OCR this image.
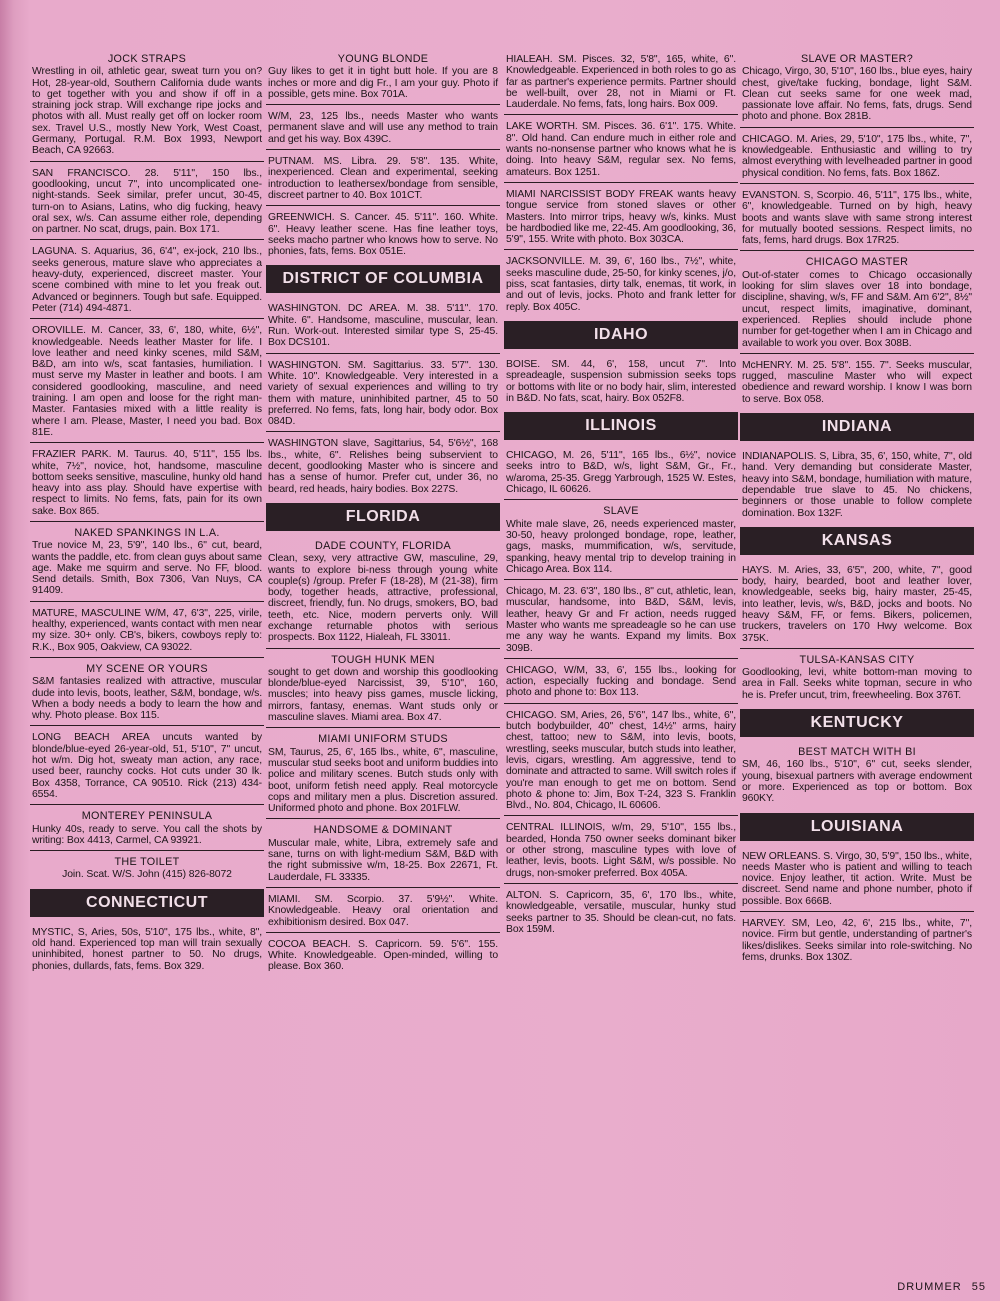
JOCK STRAPS
Wrestling in oil, athletic gear, sweat turn you on? Hot, 28-year-old, Southern California dude wants to get together with you and show if off in a straining jock strap. Will exchange ripe jocks and photos with all. Must really get off on locker room sex. Travel U.S., mostly New York, West Coast, Germany, Portugal. R.M. Box 1993, Newport Beach, CA 92663.
SAN FRANCISCO. 28. 5'11", 150 lbs., goodlooking, uncut 7", into uncomplicated one-night-stands. Seek similar, prefer uncut, 30-45, turn-on to Asians, Latins, who dig fucking, heavy oral sex, w/s. Can assume either role, depending on partner. No scat, drugs, pain. Box 171.
LAGUNA. S. Aquarius, 36, 6'4", ex-jock, 210 lbs., seeks generous, mature slave who appreciates a heavy-duty, experienced, discreet master. Your scene combined with mine to let you freak out. Advanced or beginners. Tough but safe. Equipped. Peter (714) 494-4871.
OROVILLE. M. Cancer, 33, 6', 180, white, 6½", knowledgeable. Needs leather Master for life. I love leather and need kinky scenes, mild S&M, B&D, am into w/s, scat fantasies, humiliation. I must serve my Master in leather and boots. I am considered goodlooking, masculine, and need training. I am open and loose for the right man-Master. Fantasies mixed with a little reality is where I am. Please, Master, I need you bad. Box 81E.
FRAZIER PARK. M. Taurus. 40, 5'11", 155 lbs. white, 7½", novice, hot, handsome, masculine bottom seeks sensitive, masculine, hunky old hand heavy into ass play. Should have expertise with respect to limits. No fems, fats, pain for its own sake. Box 865.
NAKED SPANKINGS IN L.A.
True novice M, 23, 5'9", 140 lbs., 6" cut, beard, wants the paddle, etc. from clean guys about same age. Make me squirm and serve. No FF, blood. Send details. Smith, Box 7306, Van Nuys, CA 91409.
MATURE, MASCULINE W/M, 47, 6'3", 225, virile, healthy, experienced, wants contact with men near my size. 30+ only. CB's, bikers, cowboys reply to: R.K., Box 905, Oakview, CA 93022.
MY SCENE OR YOURS
S&M fantasies realized with attractive, muscular dude into levis, boots, leather, S&M, bondage, w/s. When a body needs a body to learn the how and why. Photo please. Box 115.
LONG BEACH AREA uncuts wanted by blonde/blue-eyed 26-year-old, 51, 5'10", 7" uncut, hot w/m. Dig hot, sweaty man action, any race, used beer, raunchy cocks. Hot cuts under 30 lk. Box 4358, Torrance, CA 90510. Rick (213) 434-6554.
MONTEREY PENINSULA
Hunky 40s, ready to serve. You call the shots by writing: Box 4413, Carmel, CA 93921.
THE TOILET
Join. Scat. W/S. John (415) 826-8072
CONNECTICUT
MYSTIC, S, Aries, 50s, 5'10", 175 lbs., white, 8", old hand. Experienced top man will train sexually uninhibited, honest partner to 50. No drugs, phonies, dullards, fats, fems. Box 329.
YOUNG BLONDE
Guy likes to get it in tight butt hole. If you are 8 inches or more and dig Fr., I am your guy. Photo if possible, gets mine. Box 701A.
W/M, 23, 125 lbs., needs Master who wants permanent slave and will use any method to train and get his way. Box 439C.
PUTNAM. MS. Libra. 29. 5'8". 135. White, inexperienced. Clean and experimental, seeking introduction to leathersex/bondage from sensible, discreet partner to 40. Box 101CT.
GREENWICH. S. Cancer. 45. 5'11". 160. White. 6". Heavy leather scene. Has fine leather toys, seeks macho partner who knows how to serve. No phonies, fats, fems. Box 051E.
DISTRICT OF COLUMBIA
WASHINGTON. DC AREA. M. 38. 5'11". 170. White. 6". Handsome, masculine, muscular, lean. Run. Work-out. Interested similar type S, 25-45. Box DCS101.
WASHINGTON. SM. Sagittarius. 33. 5'7". 130. White. 10". Knowledgeable. Very interested in a variety of sexual experiences and willing to try them with mature, uninhibited partner, 45 to 50 preferred. No fems, fats, long hair, body odor. Box 084D.
WASHINGTON slave, Sagittarius, 54, 5'6½", 168 lbs., white, 6". Relishes being subservient to decent, goodlooking Master who is sincere and has a sense of humor. Prefer cut, under 36, no beard, red heads, hairy bodies. Box 227S.
FLORIDA
DADE COUNTY, FLORIDA
Clean, sexy, very attractive GW, masculine, 29, wants to explore bi-ness through young white couple(s) /group. Prefer F (18-28), M (21-38), firm body, together heads, attractive, professional, discreet, friendly, fun. No drugs, smokers, BO, bad teeth, etc. Nice, modern perverts only. Will exchange returnable photos with serious prospects. Box 1122, Hialeah, FL 33011.
TOUGH HUNK MEN
sought to get down and worship this goodlooking blonde/blue-eyed Narcissist, 39, 5'10", 160, muscles; into heavy piss games, muscle licking, mirrors, fantasy, enemas. Want studs only or masculine slaves. Miami area. Box 47.
MIAMI UNIFORM STUDS
SM, Taurus, 25, 6', 165 lbs., white, 6", masculine, muscular stud seeks boot and uniform buddies into police and military scenes. Butch studs only with boot, uniform fetish need apply. Real motorcycle cops and military men a plus. Discretion assured. Uniformed photo and phone. Box 201FLW.
HANDSOME & DOMINANT
Muscular male, white, Libra, extremely safe and sane, turns on with light-medium S&M, B&D with the right submissive w/m, 18-25. Box 22671, Ft. Lauderdale, FL 33335.
MIAMI. SM. Scorpio. 37. 5'9½". White. Knowledgeable. Heavy oral orientation and exhibitionism desired. Box 047.
COCOA BEACH. S. Capricorn. 59. 5'6". 155. White. Knowledgeable. Open-minded, willing to please. Box 360.
HIALEAH. SM. Pisces. 32, 5'8", 165, white, 6". Knowledgeable. Experienced in both roles to go as far as partner's experience permits. Partner should be well-built, over 28, not in Miami or Ft. Lauderdale. No fems, fats, long hairs. Box 009.
LAKE WORTH. SM. Pisces. 36. 6'1". 175. White. 8". Old hand. Can endure much in either role and wants no-nonsense partner who knows what he is doing. Into heavy S&M, regular sex. No fems, amateurs. Box 1251.
MIAMI NARCISSIST BODY FREAK wants heavy tongue service from stoned slaves or other Masters. Into mirror trips, heavy w/s, kinks. Must be hardbodied like me, 22-45. Am goodlooking, 36, 5'9", 155. Write with photo. Box 303CA.
JACKSONVILLE. M. 39, 6', 160 lbs., 7½", white, seeks masculine dude, 25-50, for kinky scenes, j/o, piss, scat fantasies, dirty talk, enemas, tit work, in and out of levis, jocks. Photo and frank letter for reply. Box 405C.
IDAHO
BOISE. SM. 44, 6', 158, uncut 7". Into spreadeagle, suspension submission seeks tops or bottoms with lite or no body hair, slim, interested in B&D. No fats, scat, hairy. Box 052F8.
ILLINOIS
CHICAGO, M. 26, 5'11", 165 lbs., 6½", novice seeks intro to B&D, w/s, light S&M, Gr., Fr., w/aroma, 25-35. Gregg Yarbrough, 1525 W. Estes, Chicago, IL 60626.
SLAVE
White male slave, 26, needs experienced master, 30-50, heavy prolonged bondage, rope, leather, gags, masks, mummification, w/s, servitude, spanking, heavy mental trip to develop training in Chicago Area. Box 114.
Chicago, M. 23. 6'3", 180 lbs., 8" cut, athletic, lean, muscular, handsome, into B&D, S&M, levis, leather, heavy Gr and Fr action, needs rugged Master who wants me spreadeagle so he can use me any way he wants. Expand my limits. Box 309B.
CHICAGO, W/M, 33, 6', 155 lbs., looking for action, especially fucking and bondage. Send photo and phone to: Box 113.
CHICAGO. SM, Aries, 26, 5'6", 147 lbs., white, 6", butch bodybuilder, 40" chest, 14½" arms, hairy chest, tattoo; new to S&M, into levis, boots, wrestling, seeks muscular, butch studs into leather, levis, cigars, wrestling. Am aggressive, tend to dominate and attracted to same. Will switch roles if you're man enough to get me on bottom. Send photo & phone to: Jim, Box T-24, 323 S. Franklin Blvd., No. 804, Chicago, IL 60606.
CENTRAL ILLINOIS, w/m, 29, 5'10", 155 lbs., bearded, Honda 750 owner seeks dominant biker or other strong, masculine types with love of leather, levis, boots. Light S&M, w/s possible. No drugs, non-smoker preferred. Box 405A.
ALTON. S. Capricorn, 35, 6', 170 lbs., white, knowledgeable, versatile, muscular, hunky stud seeks partner to 35. Should be clean-cut, no fats. Box 159M.
SLAVE OR MASTER?
Chicago, Virgo, 30, 5'10", 160 lbs., blue eyes, hairy chest, give/take fucking, bondage, light S&M. Clean cut seeks same for one week mad, passionate love affair. No fems, fats, drugs. Send photo and phone. Box 281B.
CHICAGO. M. Aries, 29, 5'10", 175 lbs., white, 7", knowledgeable. Enthusiastic and willing to try almost everything with levelheaded partner in good physical condition. No fems, fats. Box 186Z.
EVANSTON. S, Scorpio. 46, 5'11", 175 lbs., white, 6", knowledgeable. Turned on by high, heavy boots and wants slave with same strong interest for mutually booted sessions. Respect limits, no fats, fems, hard drugs. Box 17R25.
CHICAGO MASTER
Out-of-stater comes to Chicago occasionally looking for slim slaves over 18 into bondage, discipline, shaving, w/s, FF and S&M. Am 6'2", 8½" uncut, respect limits, imaginative, dominant, experienced. Replies should include phone number for get-together when I am in Chicago and available to work you over. Box 308B.
McHENRY. M. 25. 5'8". 155. 7". Seeks muscular, rugged, masculine Master who will expect obedience and reward worship. I know I was born to serve. Box 058.
INDIANA
INDIANAPOLIS. S, Libra, 35, 6', 150, white, 7", old hand. Very demanding but considerate Master, heavy into S&M, bondage, humiliation with mature, dependable true slave to 45. No chickens, beginners or those unable to follow complete domination. Box 132F.
KANSAS
HAYS. M. Aries, 33, 6'5", 200, white, 7", good body, hairy, bearded, boot and leather lover, knowledgeable, seeks big, hairy master, 25-45, into leather, levis, w/s, B&D, jocks and boots. No heavy S&M, FF, or fems. Bikers, policemen, truckers, travelers on 170 Hwy welcome. Box 375K.
TULSA-KANSAS CITY
Goodlooking, levi, white bottom-man moving to area in Fall. Seeks white topman, secure in who he is. Prefer uncut, trim, freewheeling. Box 376T.
KENTUCKY
BEST MATCH WITH BI
SM, 46, 160 lbs., 5'10", 6" cut, seeks slender, young, bisexual partners with average endowment or more. Experienced as top or bottom. Box 960KY.
LOUISIANA
NEW ORLEANS. S. Virgo, 30, 5'9", 150 lbs., white, needs Master who is patient and willing to teach novice. Enjoy leather, tit action. Write. Must be discreet. Send name and phone number, photo if possible. Box 666B.
HARVEY. SM, Leo, 42, 6', 215 lbs., white, 7", novice. Firm but gentle, understanding of partner's likes/dislikes. Seeks similar into role-switching. No fems, drunks. Box 130Z.
DRUMMER 55
